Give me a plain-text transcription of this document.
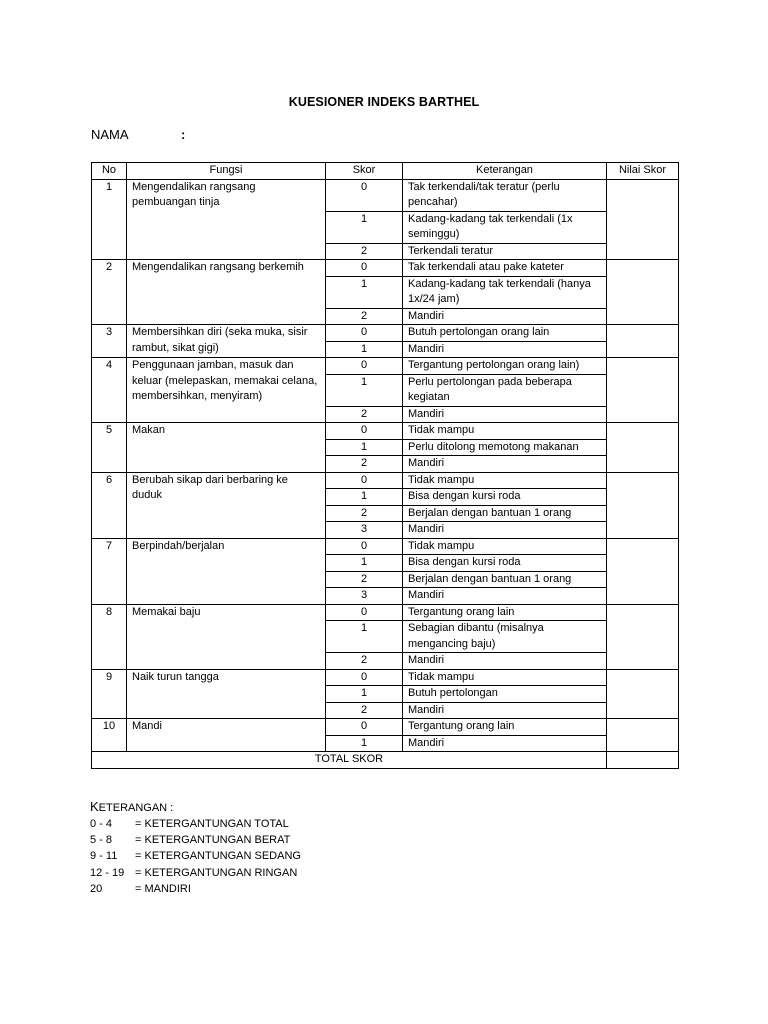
KUESIONER INDEKS BARTHEL
NAMA	:
No	Fungsi	Skor	Keterangan	Nilai Skor
1	Mengendalikan rangsang pembuangan tinja	0	Tak terkendali/tak teratur (perlu pencahar)	
		1	Kadang-kadang tak terkendali (1x seminggu)	
		2	Terkendali teratur	
2	Mengendalikan rangsang berkemih	0	Tak terkendali atau pake kateter	
		1	Kadang-kadang tak terkendali (hanya 1x/24 jam)	
		2	Mandiri	
3	Membersihkan diri (seka muka, sisir rambut, sikat gigi)	0	Butuh pertolongan orang lain	
		1	Mandiri	
4	Penggunaan jamban, masuk dan keluar (melepaskan, memakai celana, membersihkan, menyiram)	0	Tergantung pertolongan orang lain)	
		1	Perlu pertolongan pada beberapa kegiatan	
		2	Mandiri	
5	Makan	0	Tidak mampu	
		1	Perlu ditolong memotong makanan	
		2	Mandiri	
6	Berubah sikap dari berbaring ke duduk	0	Tidak mampu	
		1	Bisa dengan kursi roda	
		2	Berjalan dengan bantuan 1 orang	
		3	Mandiri	
7	Berpindah/berjalan	0	Tidak mampu	
		1	Bisa dengan kursi roda	
		2	Berjalan dengan bantuan 1 orang	
		3	Mandiri	
8	Memakai baju	0	Tergantung orang lain	
		1	Sebagian dibantu (misalnya mengancing baju)	
		2	Mandiri	
9	Naik turun tangga	0	Tidak mampu	
		1	Butuh pertolongan	
		2	Mandiri	
10	Mandi	0	Tergantung orang lain	
		1	Mandiri	
TOTAL SKOR				
KETERANGAN :
0 - 4 = KETERGANTUNGAN TOTAL
5 - 8 = KETERGANTUNGAN BERAT
9 - 11 = KETERGANTUNGAN SEDANG
12 - 19 = KETERGANTUNGAN RINGAN
20	= MANDIRI
